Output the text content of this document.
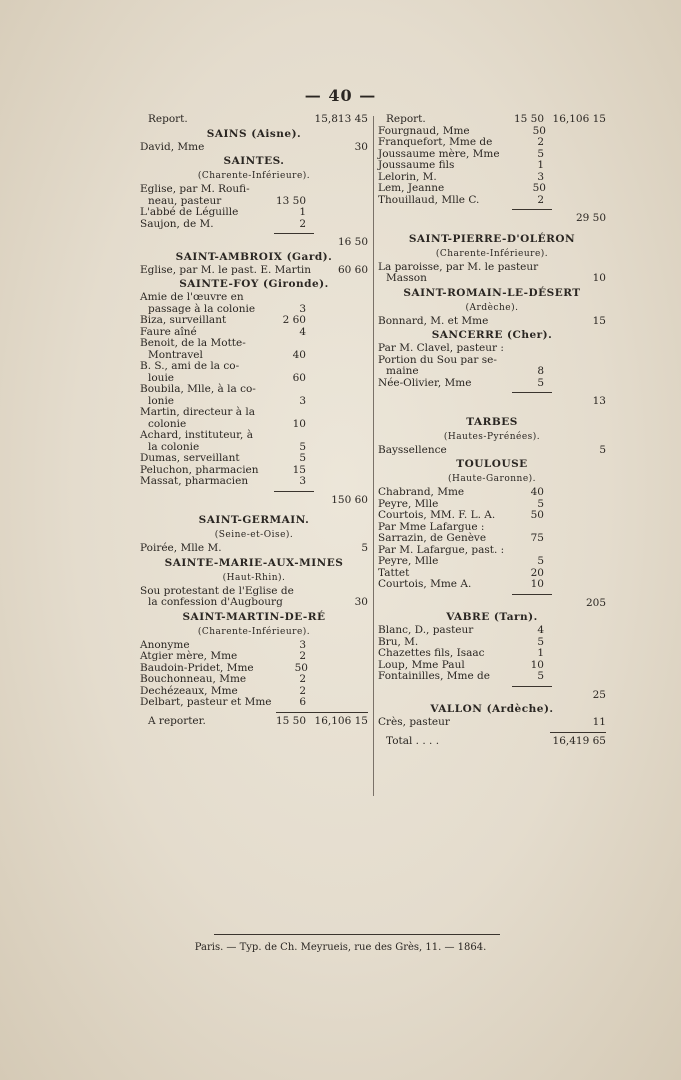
— 40 —
Report.	15,813 45
SAINS (Aisne).
David, Mme	30
SAINTES.
(Charente-Inférieure).
Eglise, par M. Roufi-
neau, pasteur	13 50
L'abbé de Léguille	1
Saujon, de M.	2
16 50
SAINT-AMBROIX (Gard).
Eglise, par M. le past. E. Martin	60 60
SAINTE-FOY (Gironde).
Amie de l'œuvre en
passage à la colonie	3
Biza, surveillant	2 60
Faure aîné	4
Benoit, de la Motte-
Montravel	40
B. S., ami de la co-
louie	60
Boubila, Mlle, à la co-
lonie	3
Martin, directeur à la
colonie	10
Achard, instituteur, à
la colonie	5
Dumas, serveillant	5
Peluchon, pharmacien	15
Massat, pharmacien	3
150 60
SAINT-GERMAIN.
(Seine-et-Oise).
Poirée, Mlle M.	5
SAINTE-MARIE-AUX-MINES
(Haut-Rhin).
Sou protestant de l'Eglise de
la confession d'Augbourg	30
SAINT-MARTIN-DE-RÉ
(Charente-Inférieure).
Anonyme	3
Atgier mère, Mme	2
Baudoin-Pridet, Mme	50
Bouchonneau, Mme	2
Dechézeaux, Mme	2
Delbart, pasteur et Mme	6
A reporter.	15 50 16,106 15
Report.	15 50 16,106 15
Fourgnaud, Mme	50
Franquefort, Mme de	2
Joussaume mère, Mme	5
Joussaume fils	1
Lelorin, M.	3
Lem, Jeanne	50
Thouillaud, Mlle C.	2
29 50
SAINT-PIERRE-D'OLÉRON
(Charente-Inférieure).
La paroisse, par M. le pasteur
Masson	10
SAINT-ROMAIN-LE-DÉSERT
(Ardèche).
Bonnard, M. et Mme	15
SANCERRE (Cher).
Par M. Clavel, pasteur :
Portion du Sou par se-
maine	8
Née-Olivier, Mme	5
13
TARBES
(Hautes-Pyrénées).
Bayssellence	5
TOULOUSE
(Haute-Garonne).
Chabrand, Mme	40
Peyre, Mlle	5
Courtois, MM. F. L. A.	50
Par Mme Lafargue :
Sarrazin, de Genève	75
Par M. Lafargue, past. :
Peyre, Mlle	5
Tattet	20
Courtois, Mme A.	10
205
VABRE (Tarn).
Blanc, D., pasteur	4
Bru, M.	5
Chazettes fils, Isaac	1
Loup, Mme Paul	10
Fontainilles, Mme de	5
25
VALLON (Ardèche).
Crès, pasteur	11
Total . . . .	16,419 65
Paris. — Typ. de Ch. Meyrueis, rue des Grès, 11. — 1864.
